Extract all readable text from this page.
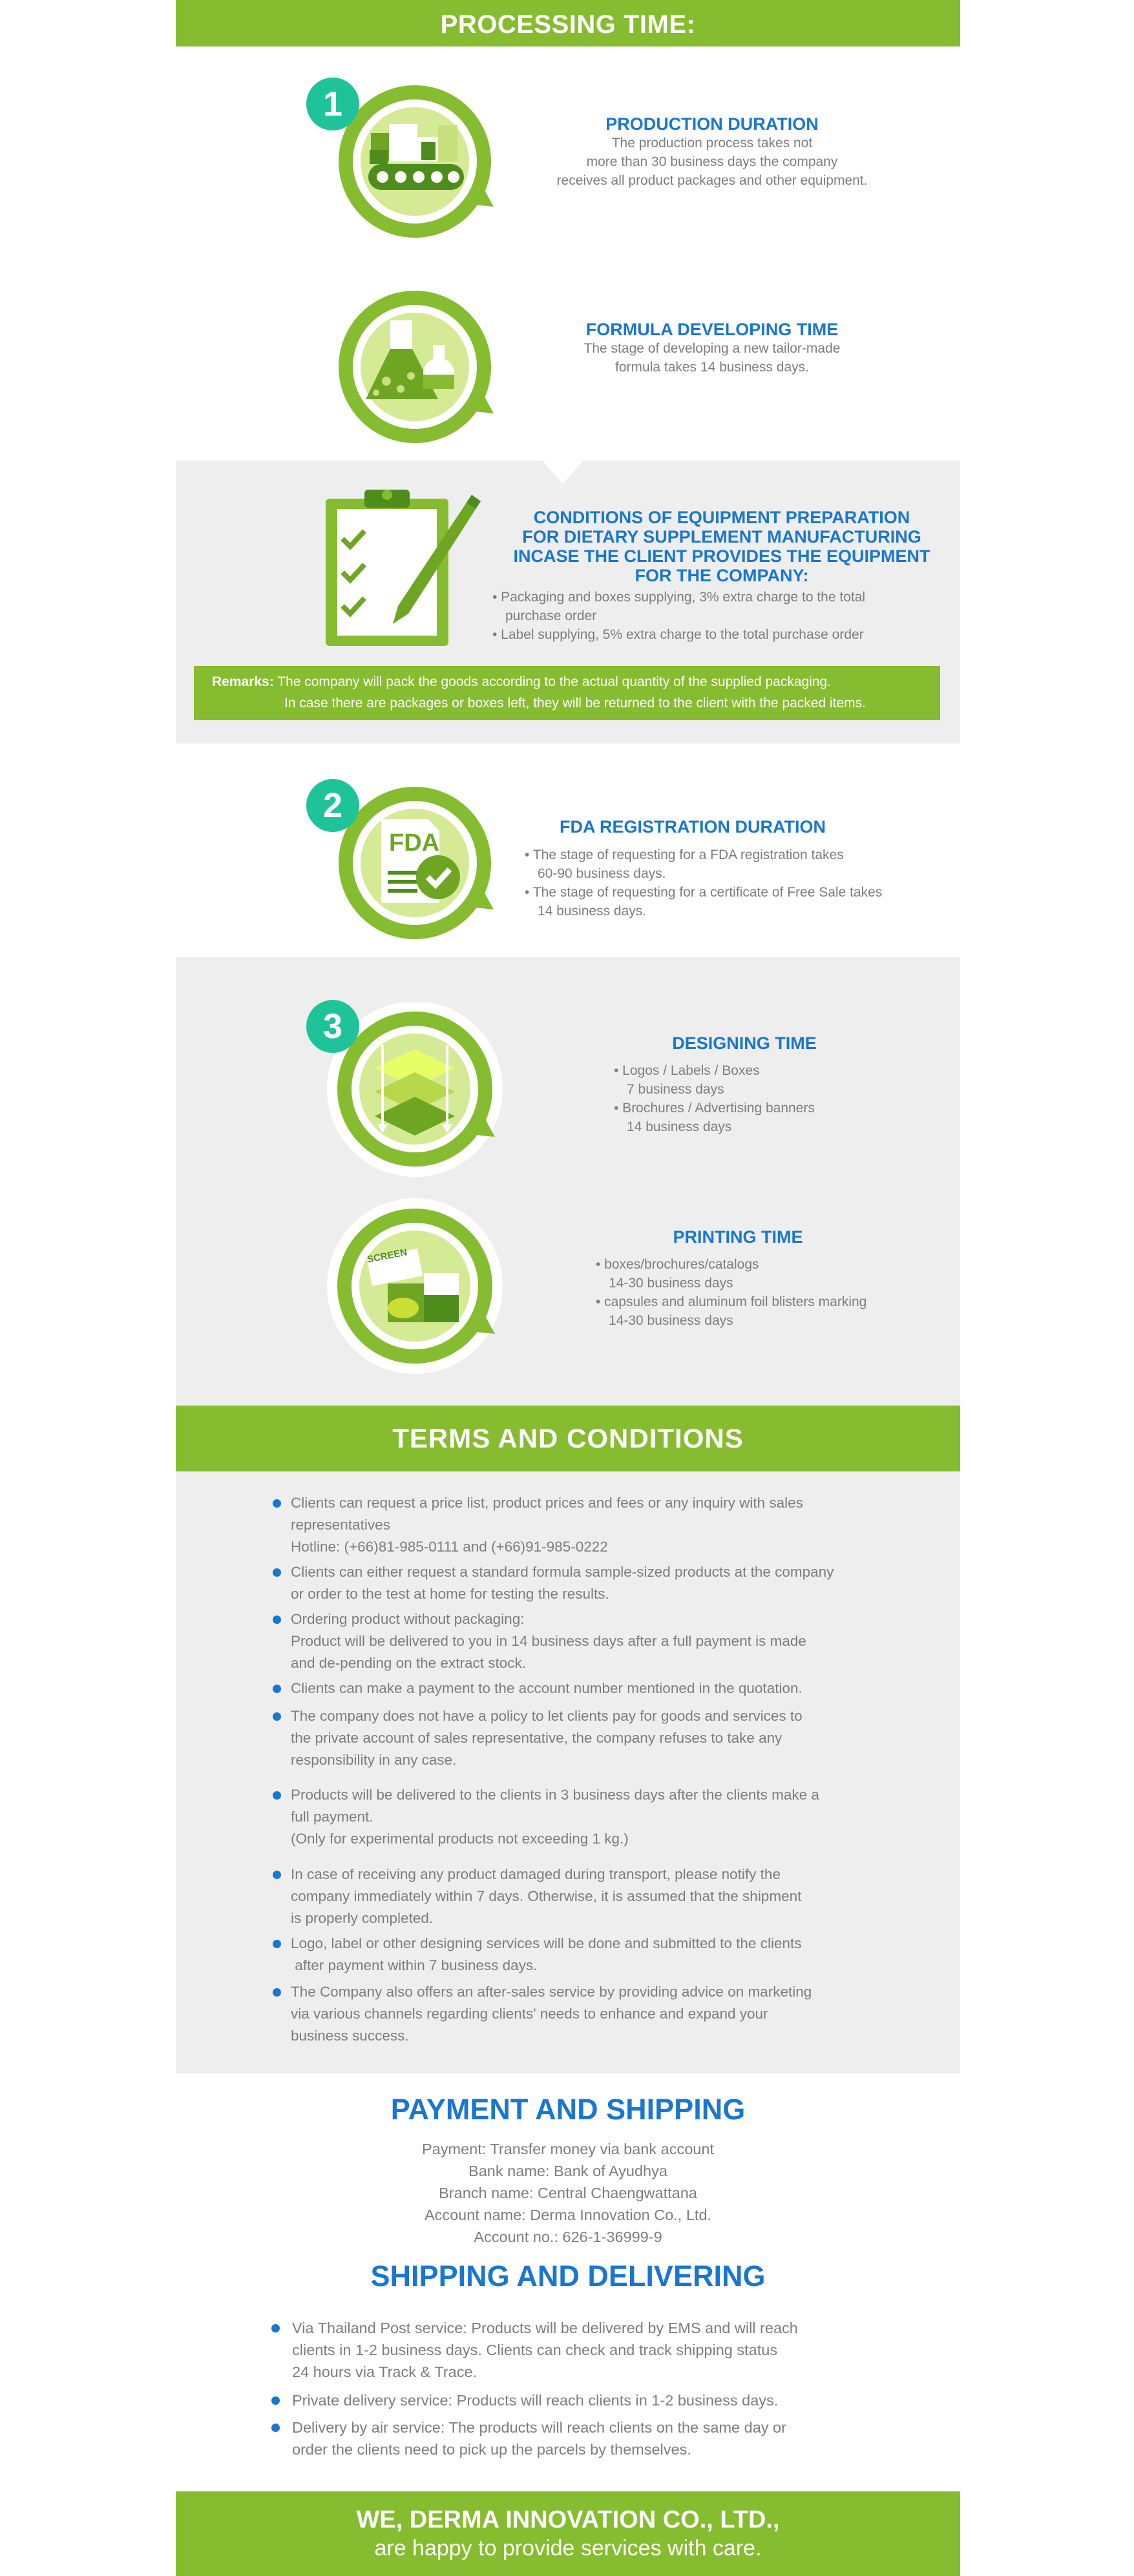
PROCESSING TIME:
1
PRODUCTION DURATION
The production process takes not
more than 30 business days the company
receives all product packages and other equipment.
FORMULA DEVELOPING TIME
The stage of developing a new tailor-made
formula takes 14 business days.
CONDITIONS OF EQUIPMENT PREPARATION
FOR DIETARY SUPPLEMENT MANUFACTURING
INCASE THE CLIENT PROVIDES THE EQUIPMENT
FOR THE COMPANY:
• Packaging and boxes supplying, 3% extra charge to the total
purchase order
• Label supplying, 5% extra charge to the total purchase order
Remarks: The company will pack the goods according to the actual quantity of the supplied packaging.
In case there are packages or boxes left, they will be returned to the client with the packed items.
FDA
2
FDA REGISTRATION DURATION
• The stage of requesting for a FDA registration takes
60-90 business days.
• The stage of requesting for a certificate of Free Sale takes
14 business days.
3	DESIGNING TIME
• Logos / Labels / Boxes
7 business days
• Brochures / Advertising banners
14 business days
SCREEN
PRINTING TIME
• boxes/brochures/catalogs
14-30 business days
• capsules and aluminum foil blisters marking
14-30 business days
TERMS AND CONDITIONS
Clients can request a price list, product prices and fees or any inquiry with sales
representatives
Hotline: (+66)81-985-0111 and (+66)91-985-0222
Clients can either request a standard formula sample-sized products at the company
or order to the test at home for testing the results.
Ordering product without packaging:
Product will be delivered to you in 14 business days after a full payment is made
and de-pending on the extract stock.
Clients can make a payment to the account number mentioned in the quotation.
The company does not have a policy to let clients pay for goods and services to
the private account of sales representative, the company refuses to take any
responsibility in any case.
Products will be delivered to the clients in 3 business days after the clients make a
full payment.
(Only for experimental products not exceeding 1 kg.)
In case of receiving any product damaged during transport, please notify the
company immediately within 7 days. Otherwise, it is assumed that the shipment
is properly completed.
Logo, label or other designing services will be done and submitted to the clients
after payment within 7 business days.
The Company also offers an after-sales service by providing advice on marketing
via various channels regarding clients' needs to enhance and expand your
business success.
PAYMENT AND SHIPPING
Payment: Transfer money via bank account
Bank name: Bank of Ayudhya
Branch name: Central Chaengwattana
Account name: Derma Innovation Co., Ltd.
Account no.: 626-1-36999-9
SHIPPING AND DELIVERING
Via Thailand Post service: Products will be delivered by EMS and will reach
clients in 1-2 business days. Clients can check and track shipping status
24 hours via Track & Trace.
Private delivery service: Products will reach clients in 1-2 business days.
Delivery by air service: The products will reach clients on the same day or
order the clients need to pick up the parcels by themselves.
WE, DERMA INNOVATION CO., LTD.,
are happy to provide services with care.
